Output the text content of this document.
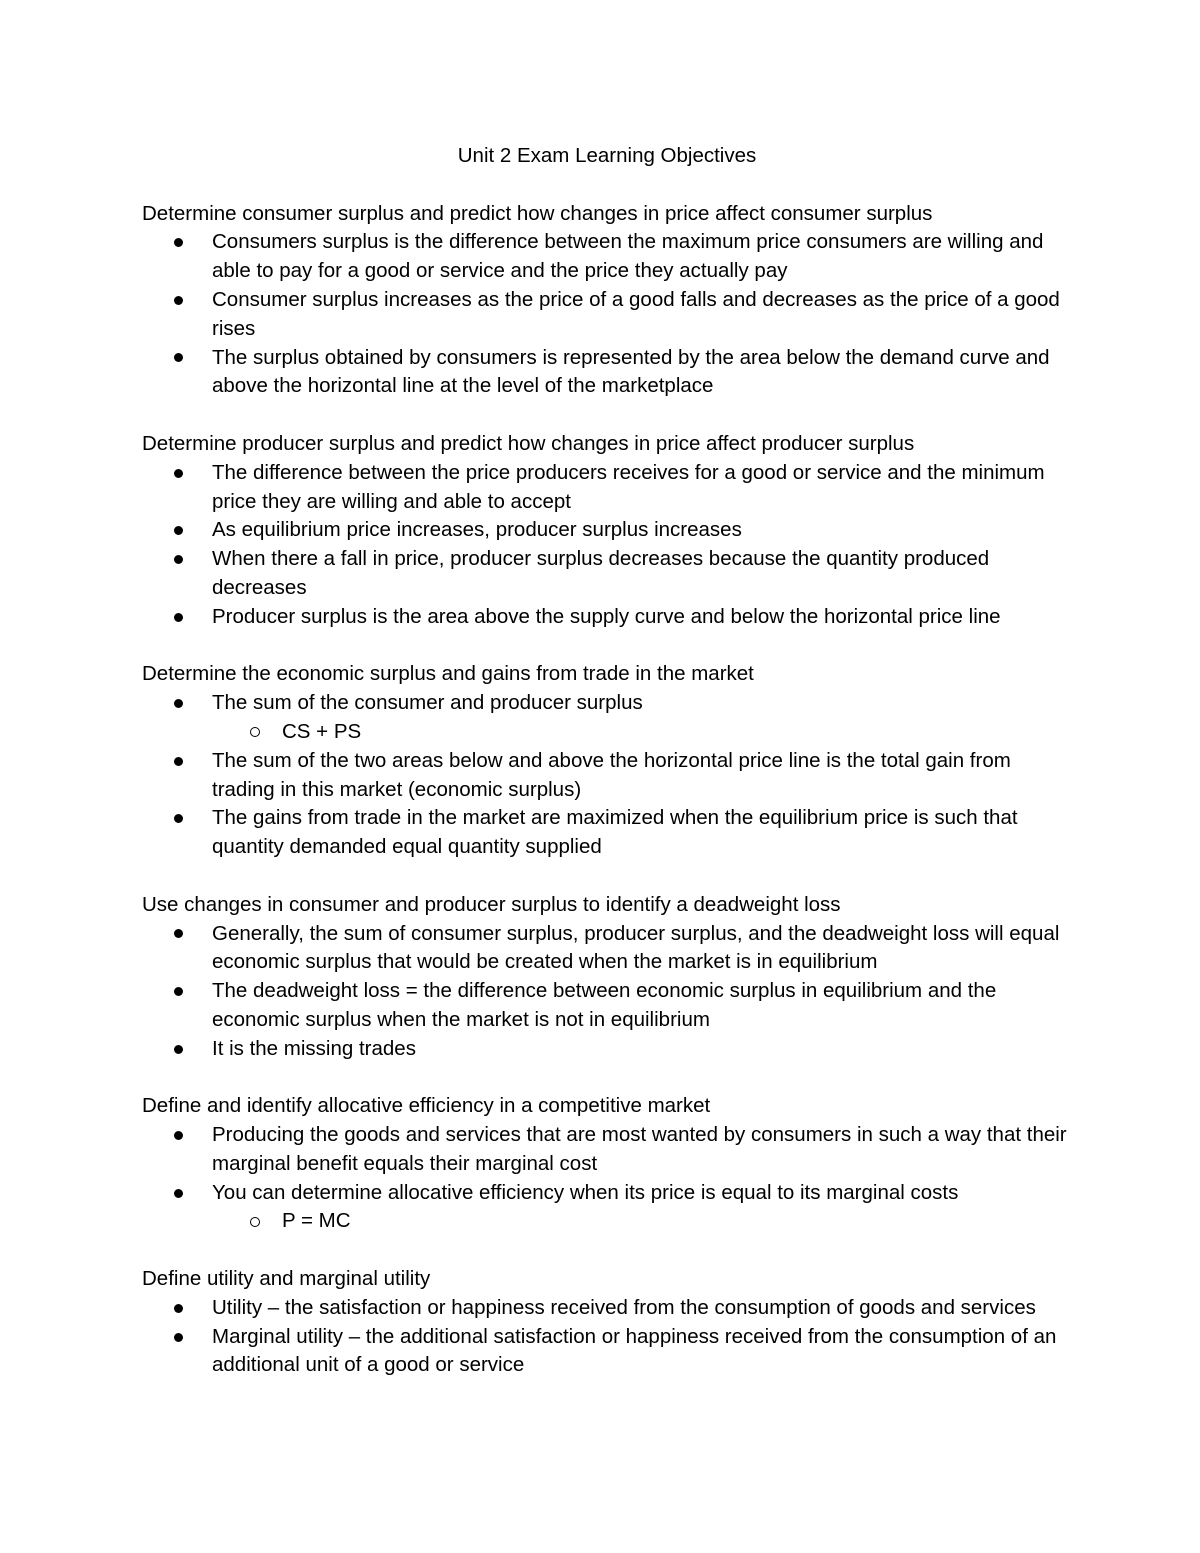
Unit 2 Exam Learning Objectives

Determine consumer surplus and predict how changes in price affect consumer surplus

Consumers surplus is the difference between the maximum price consumers are willing and able to pay for a good or service and the price they actually pay
Consumer surplus increases as the price of a good falls and decreases as the price of a good rises
The surplus obtained by consumers is represented by the area below the demand curve and above the horizontal line at the level of the marketplace

Determine producer surplus and predict how changes in price affect producer surplus

The difference between the price producers receives for a good or service and the minimum price they are willing and able to accept
As equilibrium price increases, producer surplus increases
When there a fall in price, producer surplus decreases because the quantity produced decreases
Producer surplus is the area above the supply curve and below the horizontal price line

Determine the economic surplus and gains from trade in the market

The sum of the consumer and producer surplus
CS + PS
The sum of the two areas below and above the horizontal price line is the total gain from trading in this market (economic surplus)
The gains from trade in the market are maximized when the equilibrium price is such that quantity demanded equal quantity supplied

Use changes in consumer and producer surplus to identify a deadweight loss

Generally, the sum of consumer surplus, producer surplus, and the deadweight loss will equal economic surplus that would be created when the market is in equilibrium
The deadweight loss = the difference between economic surplus in equilibrium and the economic surplus when the market is not in equilibrium
It is the missing trades

Define and identify allocative efficiency in a competitive market

Producing the goods and services that are most wanted by consumers in such a way that their marginal benefit equals their marginal cost
You can determine allocative efficiency when its price is equal to its marginal costs
P = MC

Define utility and marginal utility

Utility – the satisfaction or happiness received from the consumption of goods and services
Marginal utility – the additional satisfaction or happiness received from the consumption of an additional unit of a good or service
